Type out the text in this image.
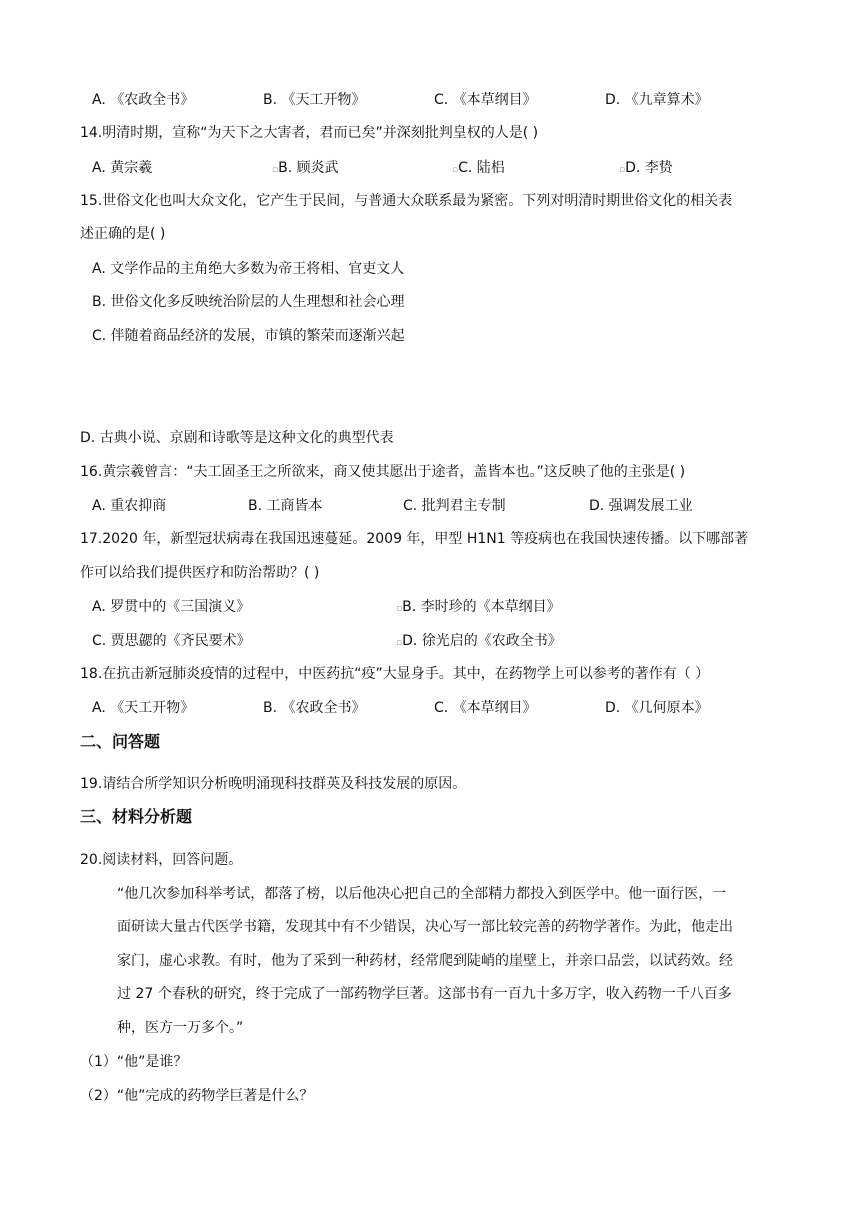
A. 《农政全书》	B. 《天工开物》	C. 《本草纲目》	D. 《九章算术》
14.明清时期，宣称“为天下之大害者，君而已矣”并深刻批判皇权的人是( )
A. 黄宗羲	▫B. 顾炎武	▫C. 陆梠	▫D. 李贽
15.世俗文化也叫大众文化，它产生于民间，与普通大众联系最为紧密。下列对明清时期世俗文化的相关表
述正确的是( )
A. 文学作品的主角绝大多数为帝王将相、官吏文人
B. 世俗文化多反映统治阶层的人生理想和社会心理
C. 伴随着商品经济的发展，市镇的繁荣而逐渐兴起
D. 古典小说、京剧和诗歌等是这种文化的典型代表
16.黄宗羲曾言：“夫工固圣王之所欲来，商又使其愿出于途者，盖皆本也。”这反映了他的主张是( )
A. 重农抑商	B. 工商皆本	C. 批判君主专制	D. 强调发展工业
17.2020 年，新型冠状病毒在我国迅速蔓延。2009 年，甲型 H1N1 等疫病也在我国快速传播。以下哪部著
作可以给我们提供医疗和防治帮助？( )
A. 罗贯中的《三国演义》	▫B. 李时珍的《本草纲目》
C. 贾思勰的《齐民要术》	▫D. 徐光启的《农政全书》
18.在抗击新冠肺炎疫情的过程中，中医药抗“疫”大显身手。其中，在药物学上可以参考的著作有（ ）
A. 《天工开物》	B. 《农政全书》	C. 《本草纲目》	D. 《几何原本》
二、问答题
19.请结合所学知识分析晚明涌现科技群英及科技发展的原因。
三、材料分析题
20.阅读材料，回答问题。
“他几次参加科举考试，都落了榜，以后他决心把自己的全部精力都投入到医学中。他一面行医，一
面研读大量古代医学书籍，发现其中有不少错误，决心写一部比较完善的药物学著作。为此，他走出
家门，虚心求教。有时，他为了采到一种药材，经常爬到陡峭的崖壁上，并亲口品尝，以试药效。经
过 27 个春秋的研究，终于完成了一部药物学巨著。这部书有一百九十多万字，收入药物一千八百多
种，医方一万多个。”
（1）“他”是谁？
（2）“他”完成的药物学巨著是什么？
